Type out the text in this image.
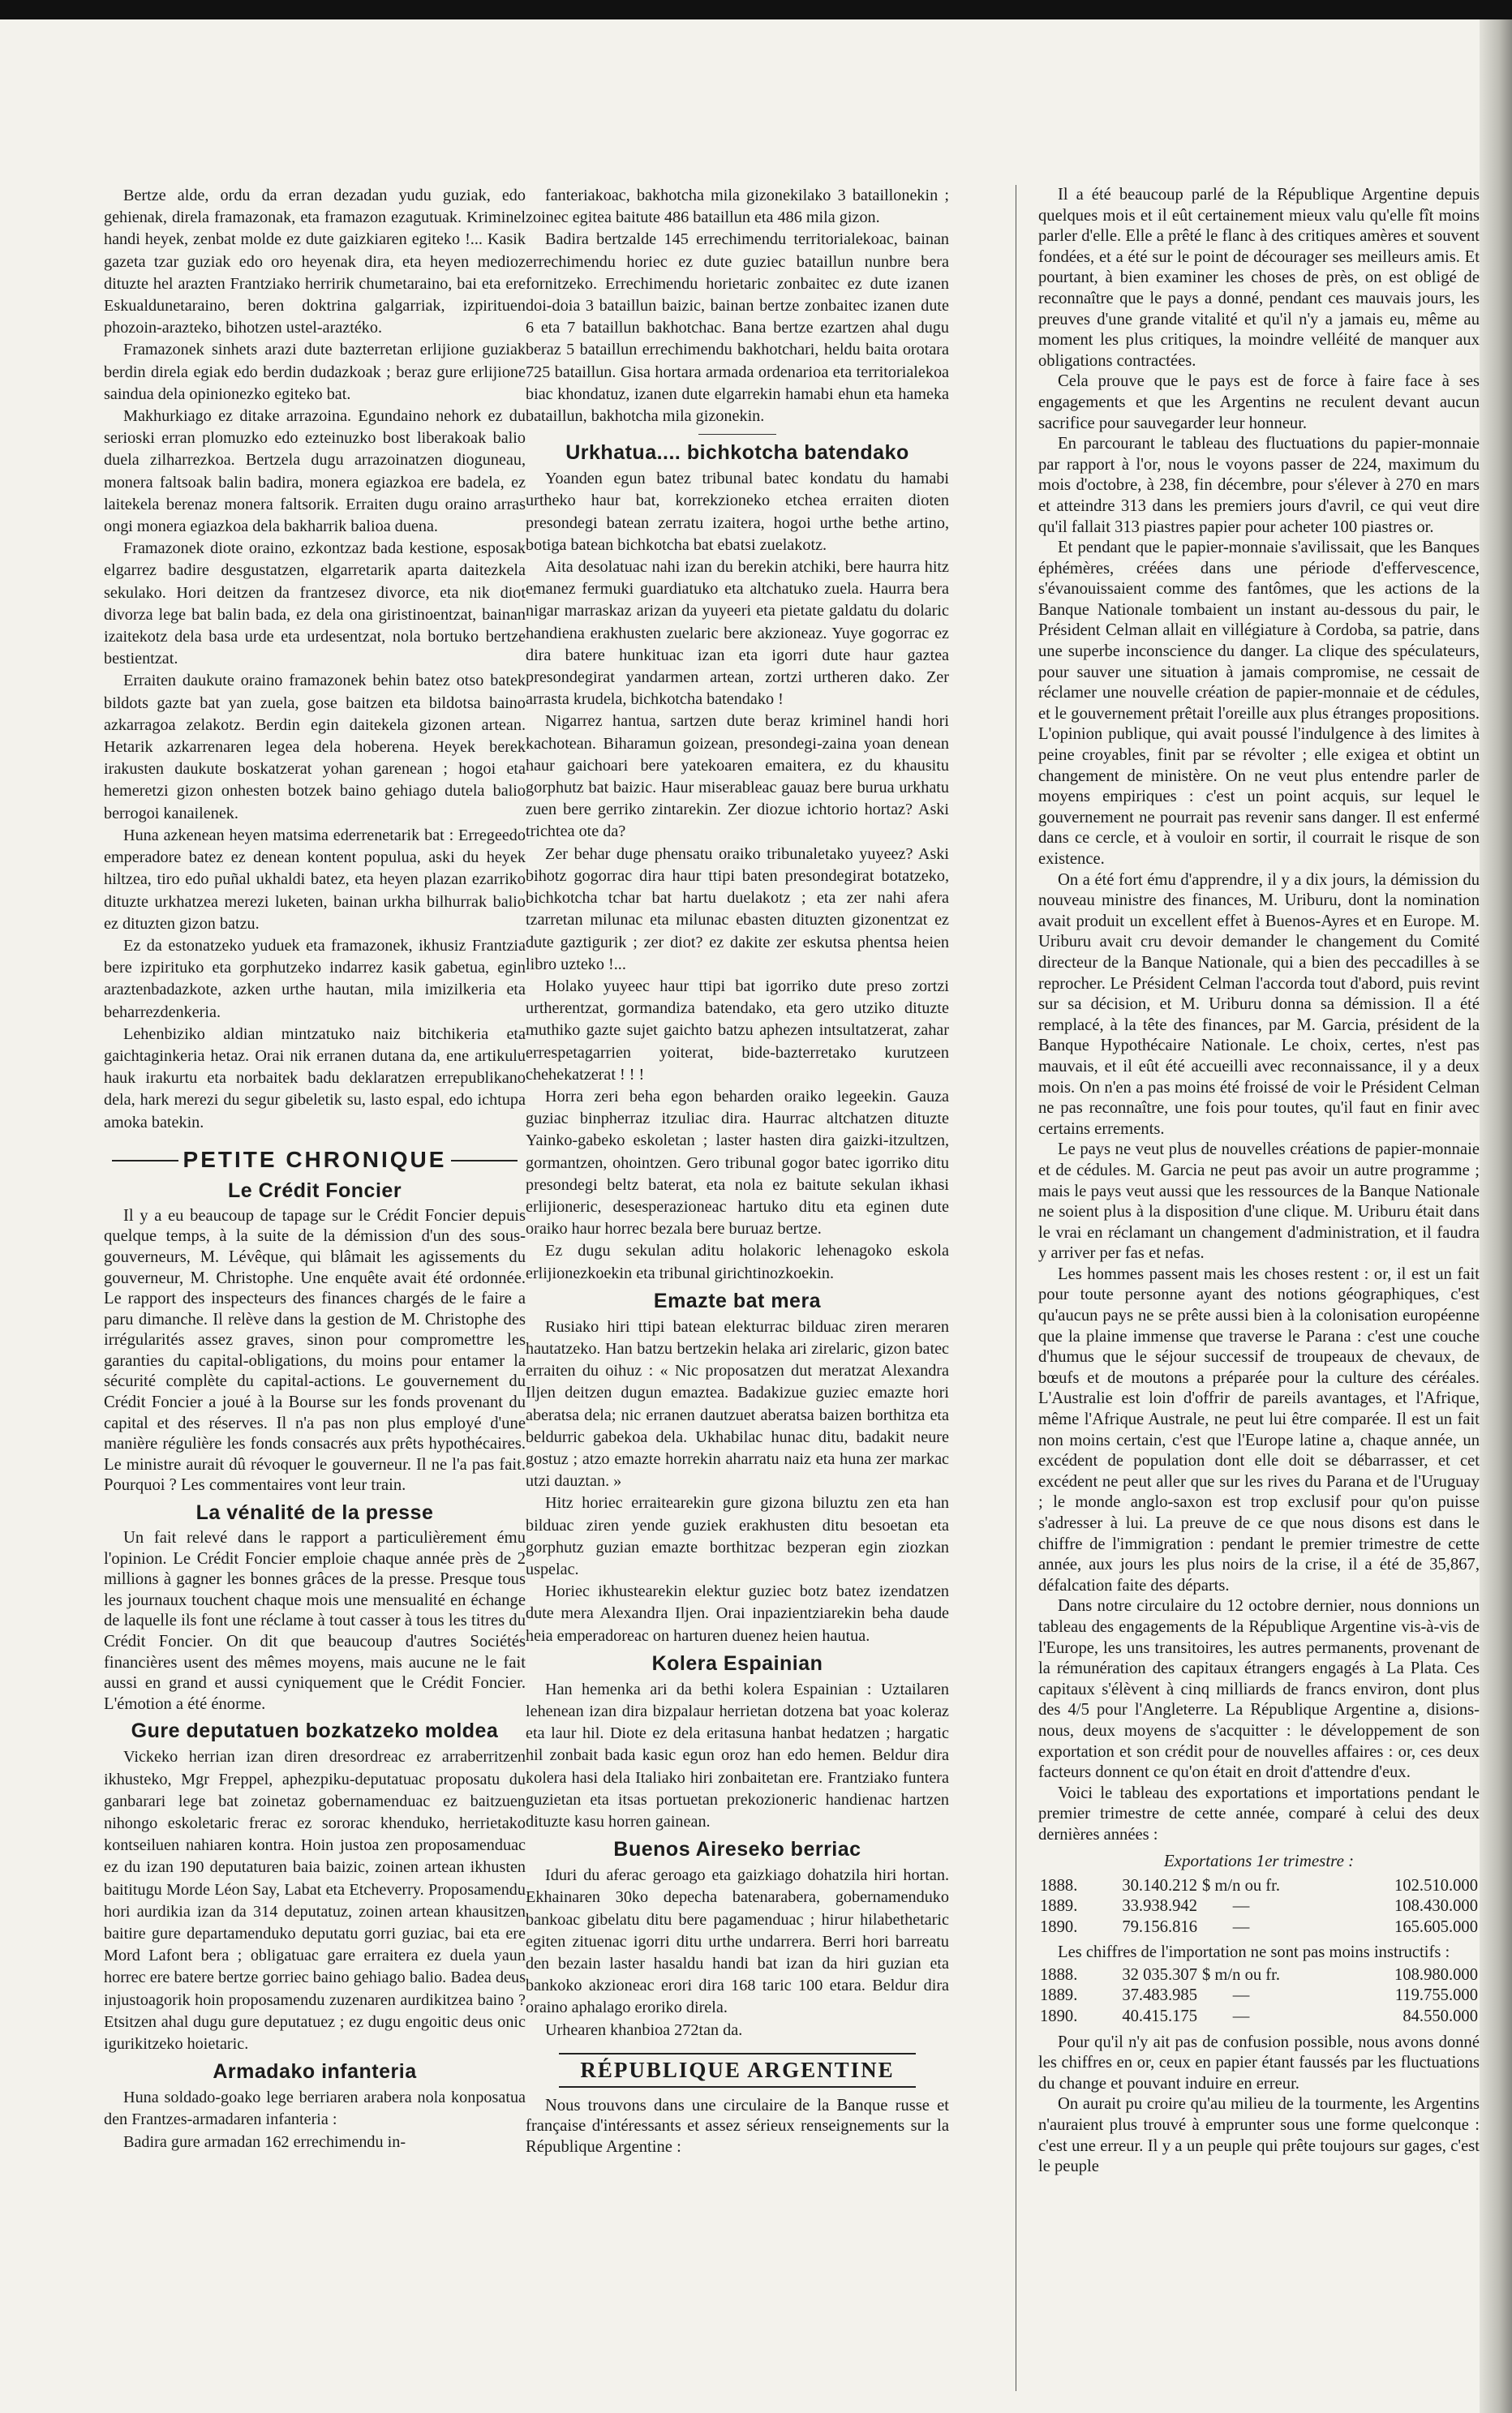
Bertze alde, ordu da erran dezadan yudu guziak, edo gehienak, direla framazonak, eta framazon ezagutuak. Kriminel handi heyek, zenbat molde ez dute gaizkiaren egiteko !... Kasik gazeta tzar guziak edo oro heyenak dira, eta heyen medioz dituzte hel arazten Frantziako herririk chumetaraino, bai eta ere Eskualdunetaraino, beren doktrina galgarriak, izpirituen phozoin-arazteko, bihotzen ustel-araztéko.

Framazonek sinhets arazi dute bazterretan erlijione guziak berdin direla egiak edo berdin dudazkoak ; beraz gure erlijione saindua dela opinionezko egiteko bat.

Makhurkiago ez ditake arrazoina. Egundaino nehork ez du serioski erran plomuzko edo ezteinuzko bost liberakoak balio duela zilharrezkoa. Bertzela dugu arrazoinatzen dioguneau, monera faltsoak balin badira, monera egiazkoa ere badela, ez laitekela berenaz monera faltsorik. Erraiten dugu oraino arras ongi monera egiazkoa dela bakharrik balioa duena.

Framazonek diote oraino, ezkontzaz bada kestione, esposak elgarrez badire desgustatzen, elgarretarik aparta daitezkela sekulako. Hori deitzen da frantzesez divorce, eta nik diot divorza lege bat balin bada, ez dela ona giristinoentzat, bainan izaitekotz dela basa urde eta urdesentzat, nola bortuko bertze bestientzat.

Erraiten daukute oraino framazonek behin batez otso batek bildots gazte bat yan zuela, gose baitzen eta bildotsa baino azkarragoa zelakotz. Berdin egin daitekela gizonen artean. Hetarik azkarrenaren legea dela hoberena. Heyek berek irakusten daukute boskatzerat yohan garenean ; hogoi eta hemeretzi gizon onhesten botzek baino gehiago dutela balio berrogoi kanailenek.

Huna azkenean heyen matsima ederrenetarik bat : Erregeedo emperadore batez ez denean kontent populua, aski du heyek hiltzea, tiro edo puñal ukhaldi batez, eta heyen plazan ezarriko dituzte urkhatzea merezi luketen, bainan urkha bilhurrak balio ez dituzten gizon batzu.

Ez da estonatzeko yuduek eta framazonek, ikhusiz Frantzia bere izpirituko eta gorphutzeko indarrez kasik gabetua, egin araztenbadazkote, azken urthe hautan, mila imizilkeria eta beharrezdenkeria.

Lehenbiziko aldian mintzatuko naiz bitchikeria eta gaichtaginkeria hetaz. Orai nik erranen dutana da, ene artikulu hauk irakurtu eta norbaitek badu deklaratzen errepublikano dela, hark merezi du segur gibeletik su, lasto espal, edo ichtupa amoka batekin.

PETITE CHRONIQUE
Le Crédit Foncier

Il y a eu beaucoup de tapage sur le Crédit Foncier depuis quelque temps, à la suite de la démission d'un des sous-gouverneurs, M. Lévêque, qui blâmait les agissements du gouverneur, M. Christophe. Une enquête avait été ordonnée. Le rapport des inspecteurs des finances chargés de le faire a paru dimanche. Il relève dans la gestion de M. Christophe des irrégularités assez graves, sinon pour compromettre les garanties du capital-obligations, du moins pour entamer la sécurité complète du capital-actions. Le gouvernement du Crédit Foncier a joué à la Bourse sur les fonds provenant du capital et des réserves. Il n'a pas non plus employé d'une manière régulière les fonds consacrés aux prêts hypothécaires. Le ministre aurait dû révoquer le gouverneur. Il ne l'a pas fait. Pourquoi ? Les commentaires vont leur train.

La vénalité de la presse

Un fait relevé dans le rapport a particulièrement ému l'opinion. Le Crédit Foncier emploie chaque année près de 2 millions à gagner les bonnes grâces de la presse. Presque tous les journaux touchent chaque mois une mensualité en échange de laquelle ils font une réclame à tout casser à tous les titres du Crédit Foncier. On dit que beaucoup d'autres Sociétés financières usent des mêmes moyens, mais aucune ne le fait aussi en grand et aussi cyniquement que le Crédit Foncier. L'émotion a été énorme.

Gure deputatuen bozkatzeko moldea

Vickeko herrian izan diren dresordreac ez arraberritzen ikhusteko, Mgr Freppel, aphezpiku-deputatuac proposatu du ganbarari lege bat zoinetaz gobernamenduac ez baitzuen nihongo eskoletaric frerac ez sororac khenduko, herrietako kontseiluen nahiaren kontra. Hoin justoa zen proposamenduac ez du izan 190 deputaturen baia baizic, zoinen artean ikhusten baititugu Morde Léon Say, Labat eta Etcheverry. Proposamendu hori aurdikia izan da 314 deputatuz, zoinen artean khausitzen baitire gure departamenduko deputatu gorri guziac, bai eta ere Mord Lafont bera ; obligatuac gare erraitera ez duela yaun horrec ere batere bertze gorriec baino gehiago balio. Badea deus injustoagorik hoin proposamendu zuzenaren aurdikitzea baino ? Etsitzen ahal dugu gure deputatuez ; ez dugu engoitic deus onic igurikitzeko hoietaric.

Armadako infanteria

Huna soldado-goako lege berriaren arabera nola konposatua den Frantzes-armadaren infanteria :

Badira gure armadan 162 errechimendu in-

fanteriakoac, bakhotcha mila gizonekilako 3 bataillonekin ; zoinec egitea baitute 486 bataillun eta 486 mila gizon.

Badira bertzalde 145 errechimendu territorialekoac, bainan errechimendu horiec ez dute guziec bataillun nunbre bera fornitzeko. Errechimendu horietaric zonbaitec ez dute izanen doi-doia 3 bataillun baizic, bainan bertze zonbaitec izanen dute 6 eta 7 bataillun bakhotchac. Bana bertze ezartzen ahal dugu beraz 5 bataillun errechimendu bakhotchari, heldu baita orotara 725 bataillun. Gisa hortara armada ordenarioa eta territorialekoa biac khondatuz, izanen dute elgarrekin hamabi ehun eta hameka bataillun, bakhotcha mila gizonekin.

Urkhatua.... bichkotcha batendako

Yoanden egun batez tribunal batec kondatu du hamabi urtheko haur bat, korrekzioneko etchea erraiten dioten presondegi batean zerratu izaitera, hogoi urthe bethe artino, botiga batean bichkotcha bat ebatsi zuelakotz.

Aita desolatuac nahi izan du berekin atchiki, bere haurra hitz emanez fermuki guardiatuko eta altchatuko zuela. Haurra bera nigar marraskaz arizan da yuyeeri eta pietate galdatu du dolaric handiena erakhusten zuelaric bere akzioneaz. Yuye gogorrac ez dira batere hunkituac izan eta igorri dute haur gaztea presondegirat yandarmen artean, zortzi urtheren dako. Zer arrasta krudela, bichkotcha batendako !

Nigarrez hantua, sartzen dute beraz kriminel handi hori kachotean. Biharamun goizean, presondegi-zaina yoan denean haur gaichoari bere yatekoaren emaitera, ez du khausitu gorphutz bat baizic. Haur miserableac gauaz bere burua urkhatu zuen bere gerriko zintarekin. Zer diozue ichtorio hortaz? Aski trichtea ote da?

Zer behar duge phensatu oraiko tribunaletako yuyeez? Aski bihotz gogorrac dira haur ttipi baten presondegirat botatzeko, bichkotcha tchar bat hartu duelakotz ; eta zer nahi afera tzarretan milunac eta milunac ebasten dituzten gizonentzat ez dute gaztigurik ; zer diot? ez dakite zer eskutsa phentsa heien libro uzteko !...

Holako yuyeec haur ttipi bat igorriko dute preso zortzi urtherentzat, gormandiza batendako, eta gero utziko dituzte muthiko gazte sujet gaichto batzu aphezen intsultatzerat, zahar errespetagarrien yoiterat, bide-bazterretako kurutzeen chehekatzerat ! ! !

Horra zeri beha egon beharden oraiko legeekin. Gauza guziac binpherraz itzuliac dira. Haurrac altchatzen dituzte Yainko-gabeko eskoletan ; laster hasten dira gaizki-itzultzen, gormantzen, ohointzen. Gero tribunal gogor batec igorriko ditu presondegi beltz baterat, eta nola ez baitute sekulan ikhasi erlijioneric, desesperazioneac hartuko ditu eta eginen dute oraiko haur horrec bezala bere buruaz bertze.

Ez dugu sekulan aditu holakoric lehenagoko eskola erlijionezkoekin eta tribunal girichtinozkoekin.

Emazte bat mera

Rusiako hiri ttipi batean elekturrac bilduac ziren meraren hautatzeko. Han batzu bertzekin helaka ari zirelaric, gizon batec erraiten du oihuz : « Nic proposatzen dut meratzat Alexandra Iljen deitzen dugun emaztea. Badakizue guziec emazte hori aberatsa dela; nic erranen dautzuet aberatsa baizen borthitza eta beldurric gabekoa dela. Ukhabilac hunac ditu, badakit neure gostuz ; atzo emazte horrekin aharratu naiz eta huna zer markac utzi dauztan. »

Hitz horiec erraitearekin gure gizona biluztu zen eta han bilduac ziren yende guziek erakhusten ditu besoetan eta gorphutz guzian emazte borthitzac bezperan egin ziozkan uspelac.

Horiec ikhustearekin elektur guziec botz batez izendatzen dute mera Alexandra Iljen. Orai inpazientziarekin beha daude heia emperadoreac on harturen duenez heien hautua.

Kolera Espainian

Han hemenka ari da bethi kolera Espainian : Uztailaren lehenean izan dira bizpalaur herrietan dotzena bat yoac koleraz eta laur hil. Diote ez dela eritasuna hanbat hedatzen ; hargatic hil zonbait bada kasic egun oroz han edo hemen. Beldur dira kolera hasi dela Italiako hiri zonbaitetan ere. Frantziako funtera guzietan eta itsas portuetan prekozioneric handienac hartzen dituzte kasu horren gainean.

Buenos Aireseko berriac

Iduri du aferac geroago eta gaizkiago dohatzila hiri hortan. Ekhainaren 30ko depecha batenarabera, gobernamenduko bankoac gibelatu ditu bere pagamenduac ; hirur hilabethetaric egiten zituenac igorri ditu urthe undarrera. Berri hori barreatu den bezain laster hasaldu handi bat izan da hiri guzian eta bankoko akzioneac erori dira 168 taric 100 etara. Beldur dira oraino aphalago eroriko direla.

Urhearen khanbioa 272tan da.

RÉPUBLIQUE ARGENTINE

Nous trouvons dans une circulaire de la Banque russe et française d'intéressants et assez sérieux renseignements sur la République Argentine :

Il a été beaucoup parlé de la République Argentine depuis quelques mois et il eût certainement mieux valu qu'elle fît moins parler d'elle. Elle a prêté le flanc à des critiques amères et souvent fondées, et a été sur le point de décourager ses meilleurs amis. Et pourtant, à bien examiner les choses de près, on est obligé de reconnaître que le pays a donné, pendant ces mauvais jours, les preuves d'une grande vitalité et qu'il n'y a jamais eu, même au moment les plus critiques, la moindre velléité de manquer aux obligations contractées.

Cela prouve que le pays est de force à faire face à ses engagements et que les Argentins ne reculent devant aucun sacrifice pour sauvegarder leur honneur.

En parcourant le tableau des fluctuations du papier-monnaie par rapport à l'or, nous le voyons passer de 224, maximum du mois d'octobre, à 238, fin décembre, pour s'élever à 270 en mars et atteindre 313 dans les premiers jours d'avril, ce qui veut dire qu'il fallait 313 piastres papier pour acheter 100 piastres or.

Et pendant que le papier-monnaie s'avilissait, que les Banques éphémères, créées dans une période d'effervescence, s'évanouissaient comme des fantômes, que les actions de la Banque Nationale tombaient un instant au-dessous du pair, le Président Celman allait en villégiature à Cordoba, sa patrie, dans une superbe inconscience du danger. La clique des spéculateurs, pour sauver une situation à jamais compromise, ne cessait de réclamer une nouvelle création de papier-monnaie et de cédules, et le gouvernement prêtait l'oreille aux plus étranges propositions. L'opinion publique, qui avait poussé l'indulgence à des limites à peine croyables, finit par se révolter ; elle exigea et obtint un changement de ministère. On ne veut plus entendre parler de moyens empiriques : c'est un point acquis, sur lequel le gouvernement ne pourrait pas revenir sans danger. Il est enfermé dans ce cercle, et à vouloir en sortir, il courrait le risque de son existence.

On a été fort ému d'apprendre, il y a dix jours, la démission du nouveau ministre des finances, M. Uriburu, dont la nomination avait produit un excellent effet à Buenos-Ayres et en Europe. M. Uriburu avait cru devoir demander le changement du Comité directeur de la Banque Nationale, qui a bien des peccadilles à se reprocher. Le Président Celman l'accorda tout d'abord, puis revint sur sa décision, et M. Uriburu donna sa démission. Il a été remplacé, à la tête des finances, par M. Garcia, président de la Banque Hypothécaire Nationale. Le choix, certes, n'est pas mauvais, et il eût été accueilli avec reconnaissance, il y a deux mois. On n'en a pas moins été froissé de voir le Président Celman ne pas reconnaître, une fois pour toutes, qu'il faut en finir avec certains errements.

Le pays ne veut plus de nouvelles créations de papier-monnaie et de cédules. M. Garcia ne peut pas avoir un autre programme ; mais le pays veut aussi que les ressources de la Banque Nationale ne soient plus à la disposition d'une clique. M. Uriburu était dans le vrai en réclamant un changement d'administration, et il faudra y arriver per fas et nefas.

Les hommes passent mais les choses restent : or, il est un fait pour toute personne ayant des notions géographiques, c'est qu'aucun pays ne se prête aussi bien à la colonisation européenne que la plaine immense que traverse le Parana : c'est une couche d'humus que le séjour successif de troupeaux de chevaux, de bœufs et de moutons a préparée pour la culture des céréales. L'Australie est loin d'offrir de pareils avantages, et l'Afrique, même l'Afrique Australe, ne peut lui être comparée. Il est un fait non moins certain, c'est que l'Europe latine a, chaque année, un excédent de population dont elle doit se débarrasser, et cet excédent ne peut aller que sur les rives du Parana et de l'Uruguay ; le monde anglo-saxon est trop exclusif pour qu'on puisse s'adresser à lui. La preuve de ce que nous disons est dans le chiffre de l'immigration : pendant le premier trimestre de cette année, aux jours les plus noirs de la crise, il a été de 35,867, défalcation faite des départs.

Dans notre circulaire du 12 octobre dernier, nous donnions un tableau des engagements de la République Argentine vis-à-vis de l'Europe, les uns transitoires, les autres permanents, provenant de la rémunération des capitaux étrangers engagés à La Plata. Ces capitaux s'élèvent à cinq milliards de francs environ, dont plus des 4/5 pour l'Angleterre. La République Argentine a, disions-nous, deux moyens de s'acquitter : le développement de son exportation et son crédit pour de nouvelles affaires : or, ces deux facteurs donnent ce qu'on était en droit d'attendre d'eux.

Voici le tableau des exportations et importations pendant le premier trimestre de cette année, comparé à celui des deux dernières années :

Exportations 1er trimestre :
1888.	30.140.212	$ m/n ou fr.	102.510.000
1889.	33.938.942	—	108.430.000
1890.	79.156.816	—	165.605.000

Les chiffres de l'importation ne sont pas moins instructifs :

1888.	32 035.307	$ m/n ou fr.	108.980.000
1889.	37.483.985	—	119.755.000
1890.	40.415.175	—	84.550.000

Pour qu'il n'y ait pas de confusion possible, nous avons donné les chiffres en or, ceux en papier étant faussés par les fluctuations du change et pouvant induire en erreur.

On aurait pu croire qu'au milieu de la tourmente, les Argentins n'auraient plus trouvé à emprunter sous une forme quelconque : c'est une erreur. Il y a un peuple qui prête toujours sur gages, c'est le peuple
